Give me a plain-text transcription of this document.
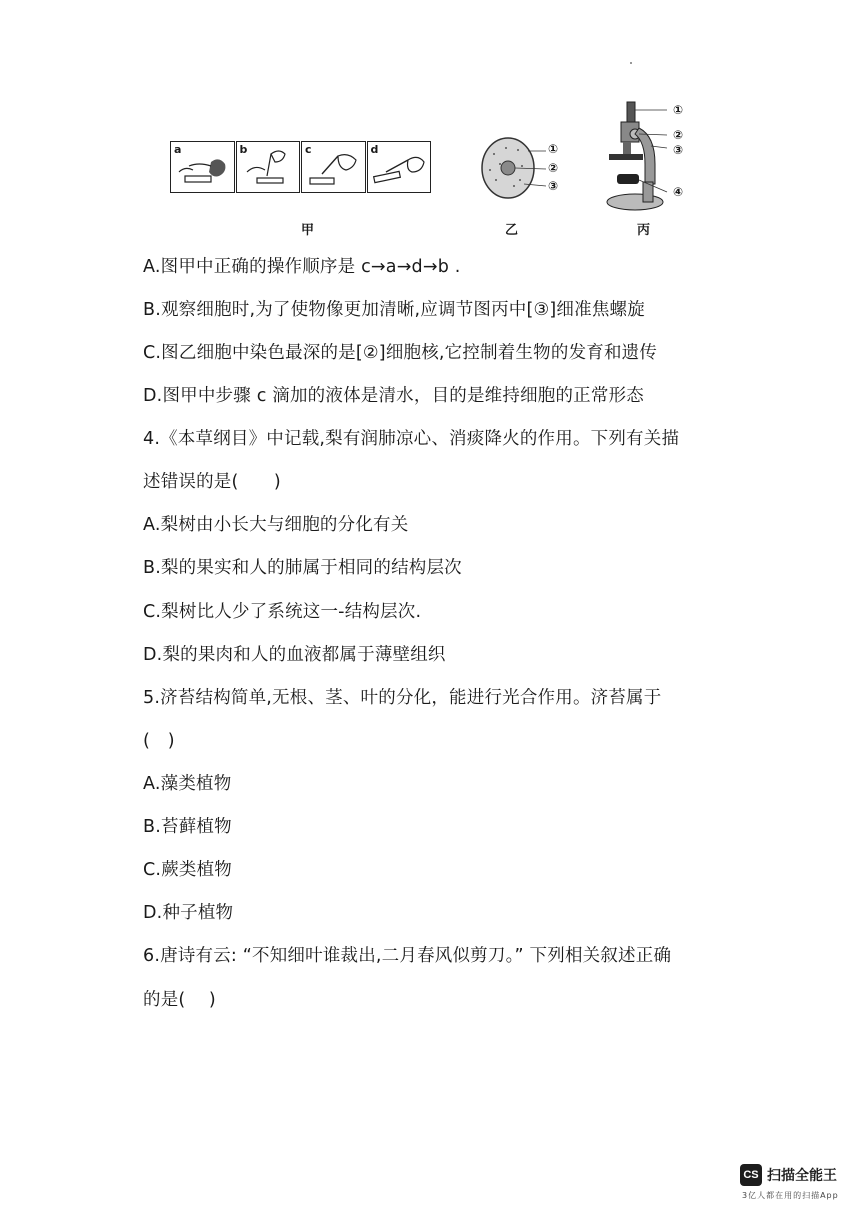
a	b	c	d
甲
①
②
③
乙
①
②
③
④
丙
A.图甲中正确的操作顺序是 c→a→d→b .
B.观察细胞时,为了使物像更加清晰,应调节图丙中[③]细准焦螺旋
C.图乙细胞中染色最深的是[②]细胞核,它控制着生物的发育和遗传
D.图甲中步骤 c 滴加的液体是清水，目的是维持细胞的正常形态
4.《本草纲目》中记载,梨有润肺凉心、消痰降火的作用。下列有关描
述错误的是(　　)
A.梨树由小长大与细胞的分化有关
B.梨的果实和人的肺属于相同的结构层次
C.梨树比人少了系统这一-结构层次.
D.梨的果肉和人的血液都属于薄壁组织
5.济苔结构简单,无根、茎、叶的分化，能进行光合作用。济苔属于
(　)
A.藻类植物
B.苔藓植物
C.蕨类植物
D.种子植物
6.唐诗有云: “不知细叶谁裁出,二月春风似剪刀。” 下列相关叙述正确
的是(　 )
CS 扫描全能王
3亿人都在用的扫描App
